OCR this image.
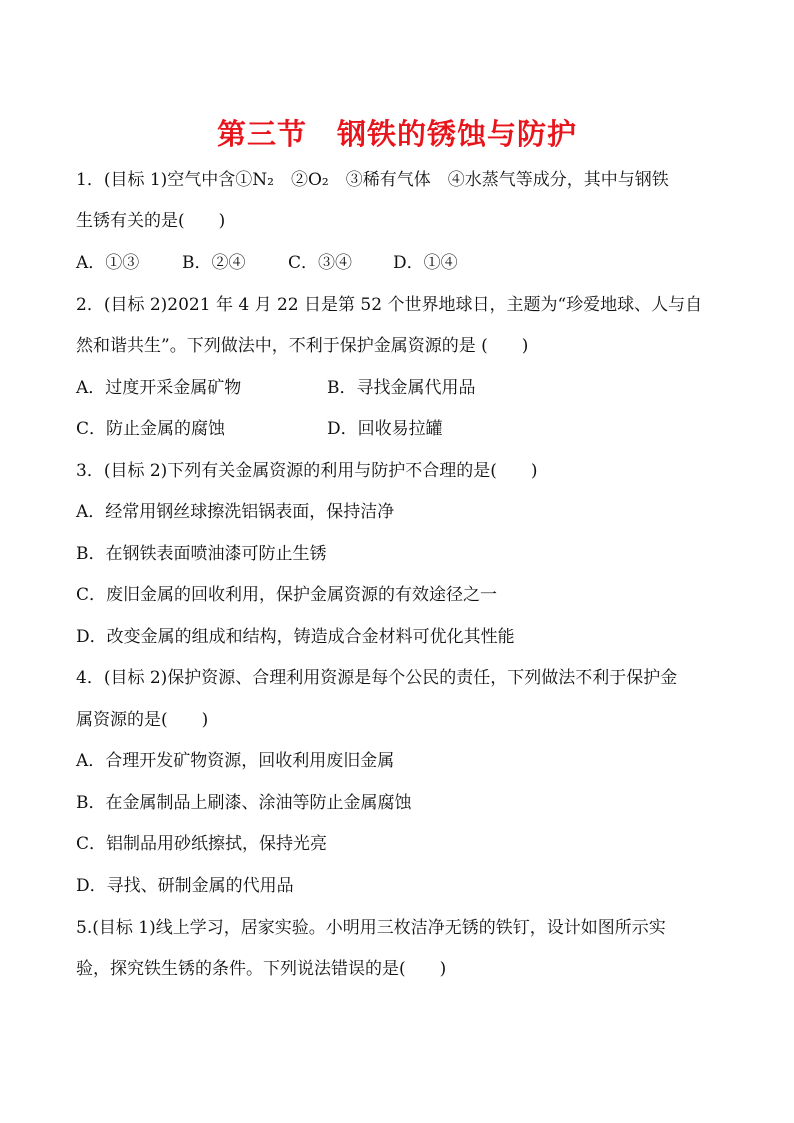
第三节　钢铁的锈蚀与防护
1．(目标 1)空气中含①N₂　②O₂　③稀有气体　④水蒸气等成分，其中与钢铁
生锈有关的是(　　)
A．①③	B．②④	C．③④ D．①④
2．(目标 2)2021 年 4 月 22 日是第 52 个世界地球日，主题为“珍爱地球、人与自
然和谐共生”。下列做法中，不利于保护金属资源的是 (　　)
A．过度开采金属矿物	B．寻找金属代用品
C．防止金属的腐蚀	D．回收易拉罐
3．(目标 2)下列有关金属资源的利用与防护不合理的是(　　)
A．经常用钢丝球擦洗铝锅表面，保持洁净
B．在钢铁表面喷油漆可防止生锈
C．废旧金属的回收利用，保护金属资源的有效途径之一
D．改变金属的组成和结构，铸造成合金材料可优化其性能
4．(目标 2)保护资源、合理利用资源是每个公民的责任，下列做法不利于保护金
属资源的是(　　)
A．合理开发矿物资源，回收利用废旧金属
B．在金属制品上刷漆、涂油等防止金属腐蚀
C．铝制品用砂纸擦拭，保持光亮
D．寻找、研制金属的代用品
5.(目标 1)线上学习，居家实验。小明用三枚洁净无锈的铁钉，设计如图所示实
验，探究铁生锈的条件。下列说法错误的是(　　)
